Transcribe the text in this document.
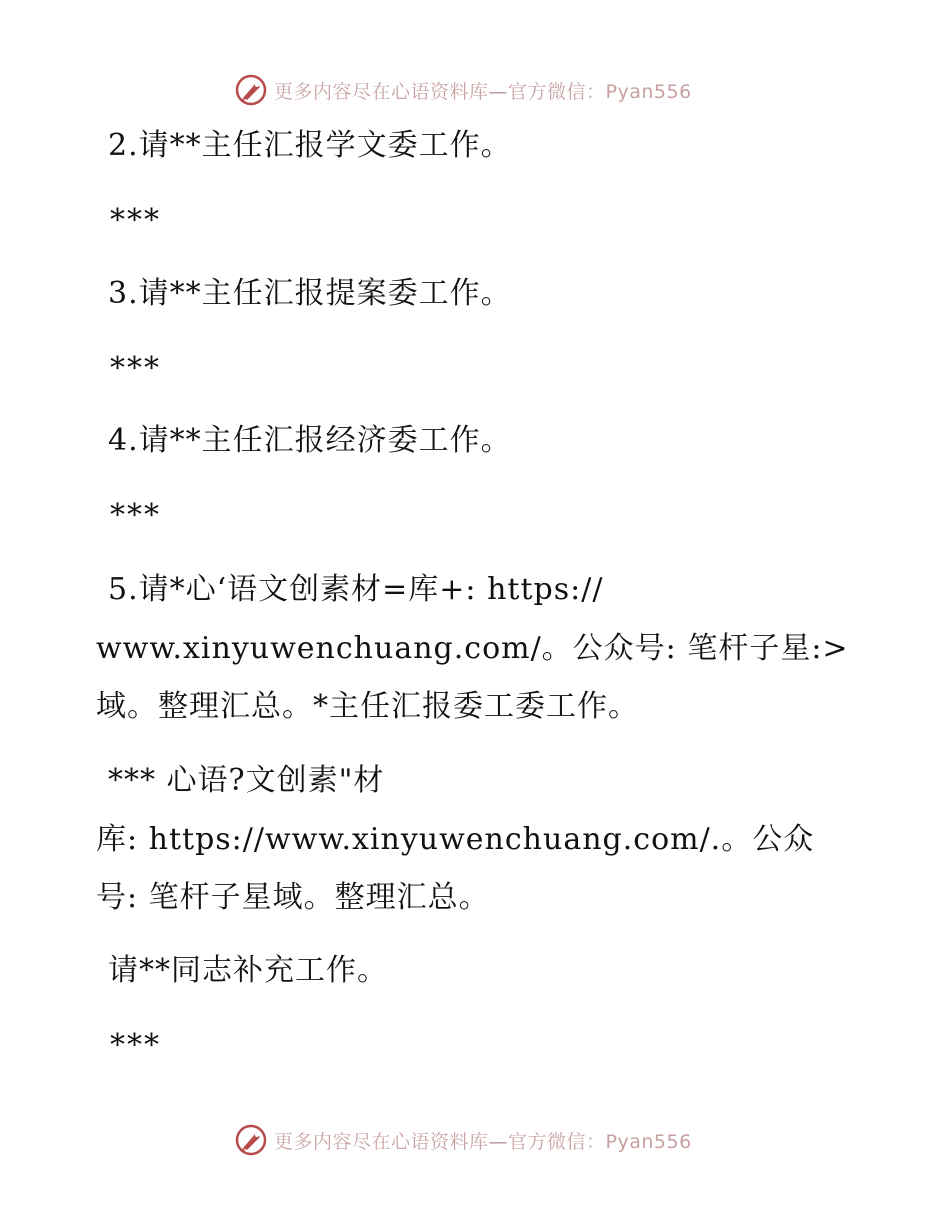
更多内容尽在心语资料库—官方微信：Pyan556
2.请**主任汇报学文委工作。
***
3.请**主任汇报提案委工作。
***
4.请**主任汇报经济委工作。
***
5.请*心‘语文创素材=库+: https://
www.xinyuwenchuang.com/。公众号: 笔杆子星:>
域。整理汇总。*主任汇报委工委工作。
*** 心语?文创素"材
库: https://www.xinyuwenchuang.com/.。公众
号: 笔杆子星域。整理汇总。
请**同志补充工作。
***
更多内容尽在心语资料库—官方微信：Pyan556
